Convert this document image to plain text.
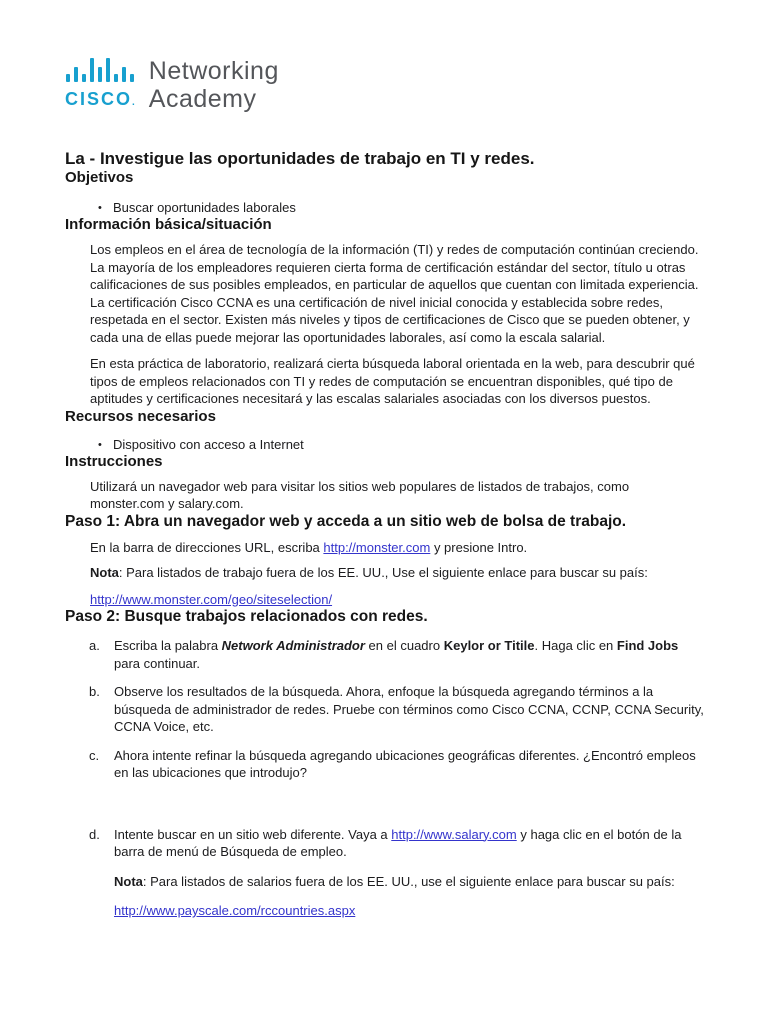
cisco.
Networking
Academy
La - Investigue las oportunidades de trabajo en TI y redes.
Objetivos
• Buscar oportunidades laborales
Información básica/situación

Los empleos en el área de tecnología de la información (TI) y redes de computación continúan creciendo. La mayoría de los empleadores requieren cierta forma de certificación estándar del sector, título u otras calificaciones de sus posibles empleados, en particular de aquellos que cuentan con limitada experiencia. La certificación Cisco CCNA es una certificación de nivel inicial conocida y establecida sobre redes, respetada en el sector. Existen más niveles y tipos de certificaciones de Cisco que se pueden obtener, y cada una de ellas puede mejorar las oportunidades laborales, así como la escala salarial.

En esta práctica de laboratorio, realizará cierta búsqueda laboral orientada en la web, para descubrir qué tipos de empleos relacionados con TI y redes de computación se encuentran disponibles, qué tipo de aptitudes y certificaciones necesitará y las escalas salariales asociadas con los diversos puestos.

Recursos necesarios
• Dispositivo con acceso a Internet
Instrucciones

Utilizará un navegador web para visitar los sitios web populares de listados de trabajos, como monster.com y salary.com.

Paso 1: Abra un navegador web y acceda a un sitio web de bolsa de trabajo.
En la barra de direcciones URL, escriba http://monster.com y presione Intro.
Nota: Para listados de trabajo fuera de los EE. UU., Use el siguiente enlace para buscar su país:
http://www.monster.com/geo/siteselection/
Paso 2: Busque trabajos relacionados con redes.
a.	Escriba la palabra Network Administrador en el cuadro Keylor or Titile. Haga clic en Find Jobs para continuar.
b.	Observe los resultados de la búsqueda. Ahora, enfoque la búsqueda agregando términos a la búsqueda de administrador de redes. Pruebe con términos como Cisco CCNA, CCNP, CCNA Security, CCNA Voice, etc.
c.	Ahora intente refinar la búsqueda agregando ubicaciones geográficas diferentes. ¿Encontró empleos en las ubicaciones que introdujo?
d.	Intente buscar en un sitio web diferente. Vaya a http://www.salary.com y haga clic en el botón de la barra de menú de Búsqueda de empleo.
Nota: Para listados de salarios fuera de los EE. UU., use el siguiente enlace para buscar su país:
http://www.payscale.com/rccountries.aspx
